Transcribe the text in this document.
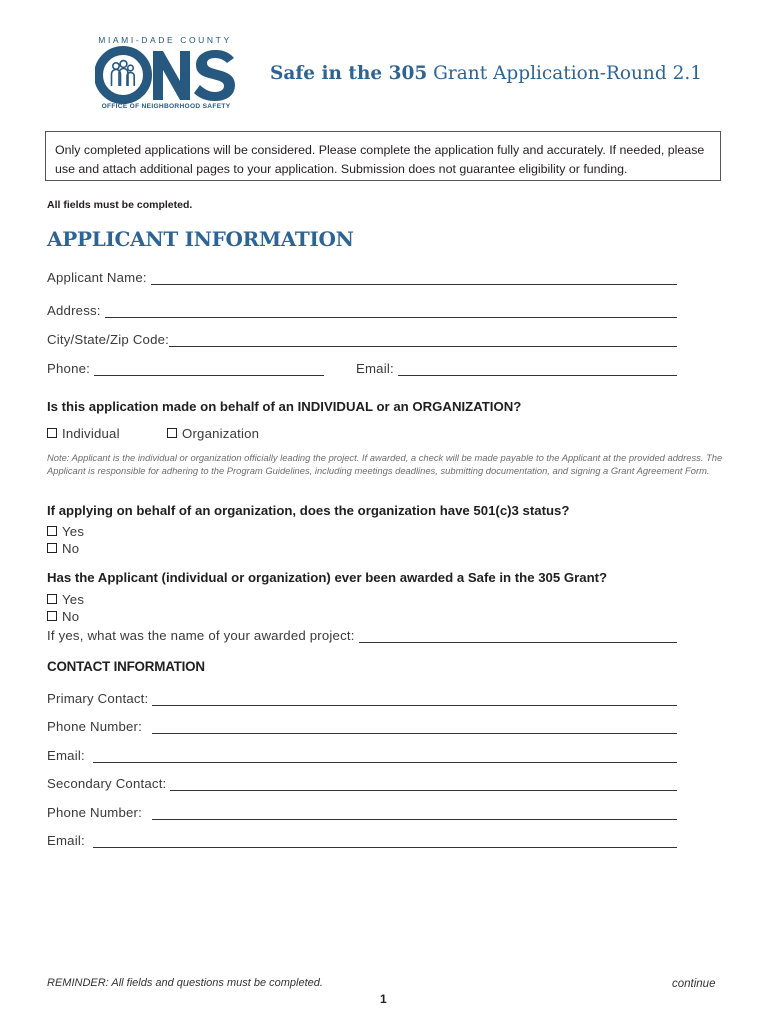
MIAMI-DADE COUNTY
OFFICE OF NEIGHBORHOOD SAFETY
Safe in the 305 Grant Application-Round 2.1
Only completed applications will be considered. Please complete the application fully and accurately. If needed, please use and attach additional pages to your application. Submission does not guarantee eligibility or funding.
All fields must be completed.
APPLICANT INFORMATION
Applicant Name:
Address:
City/State/Zip Code:
Phone:	Email:
Is this application made on behalf of an INDIVIDUAL or an ORGANIZATION?
Individual	Organization
Note: Applicant is the individual or organization officially leading the project. If awarded, a check will be made payable to the Applicant at the provided address. The Applicant is responsible for adhering to the Program Guidelines, including meetings deadlines, submitting documentation, and signing a Grant Agreement Form.
If applying on behalf of an organization, does the organization have 501(c)3 status?
Yes
No
Has the Applicant (individual or organization) ever been awarded a Safe in the 305 Grant?
Yes
No
If yes, what was the name of your awarded project:
CONTACT INFORMATION
Primary Contact:
Phone Number:
Email:
Secondary Contact:
Phone Number:
Email:
REMINDER: All fields and questions must be completed.	continue
1
